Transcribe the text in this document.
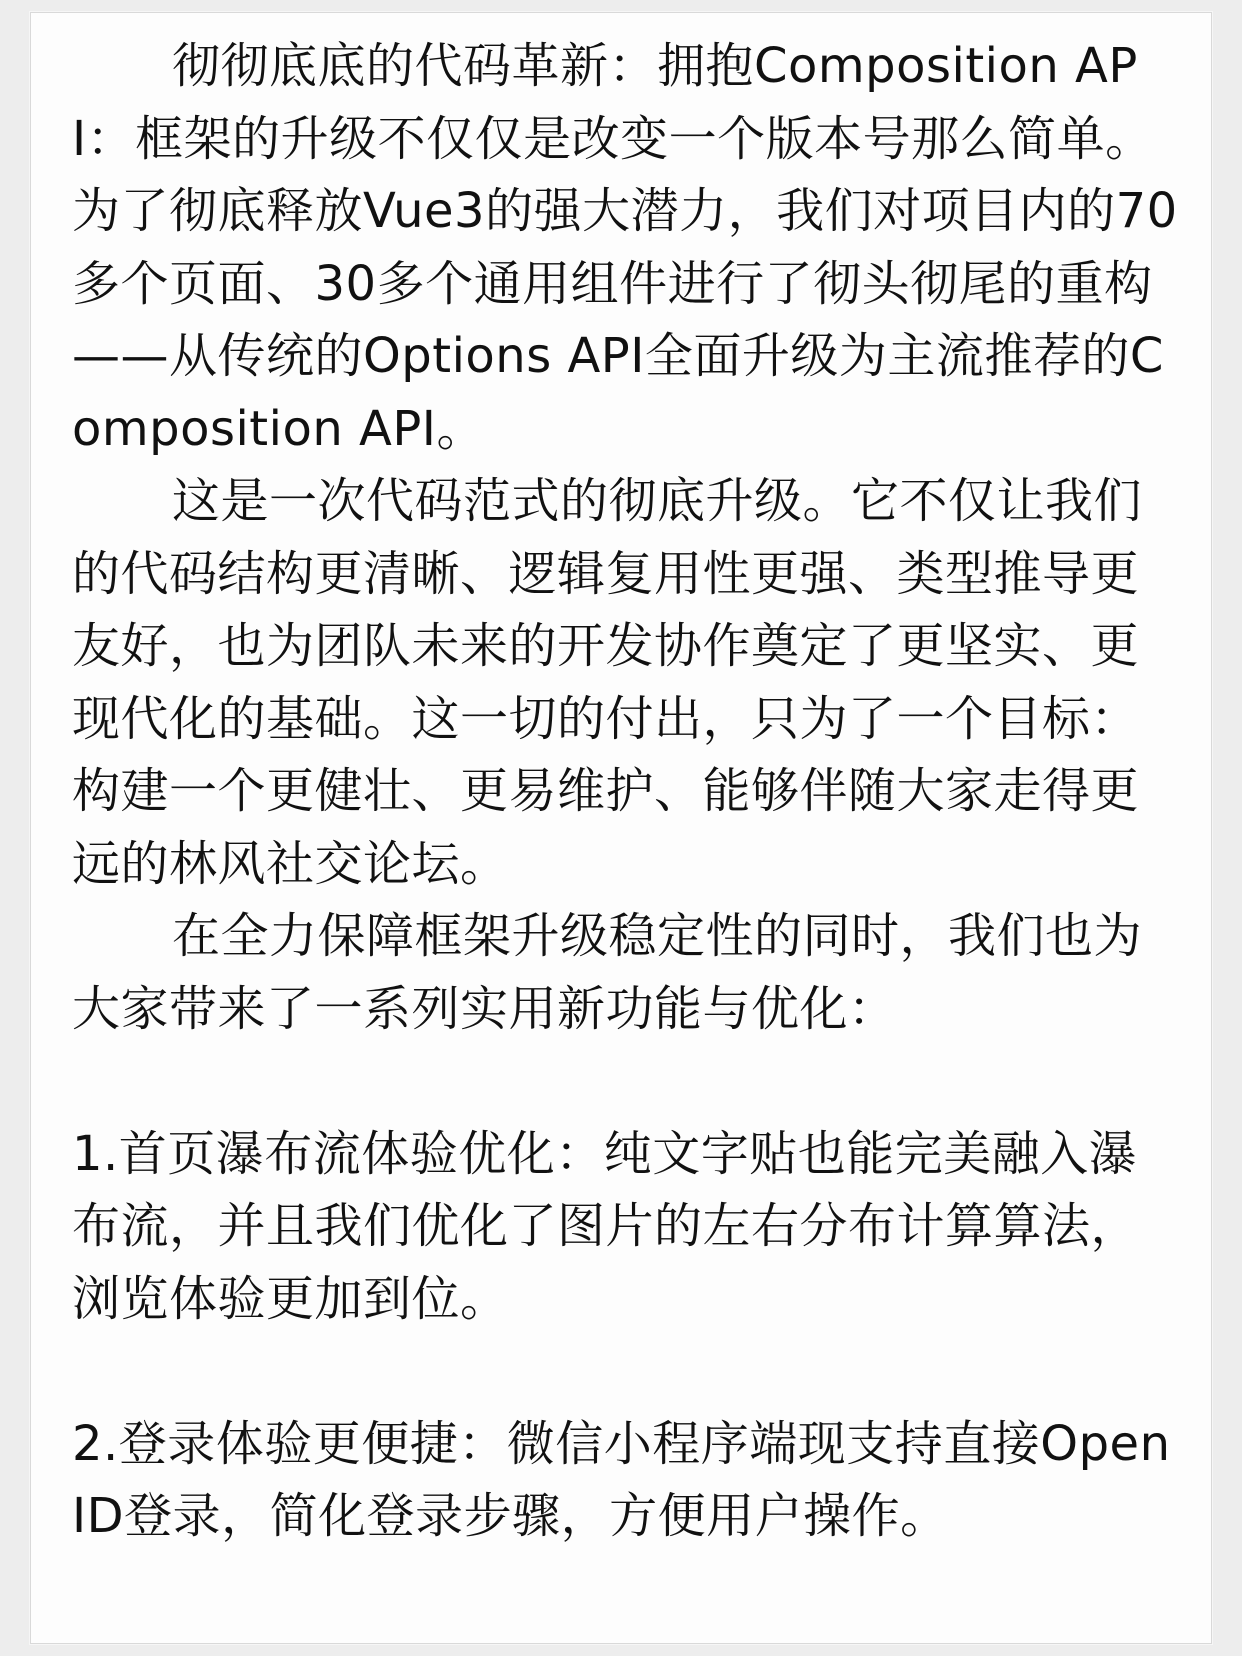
彻彻底底的代码革新：拥抱Composition API：框架的升级不仅仅是改变一个版本号那么简单。为了彻底释放Vue3的强大潜力，我们对项目内的70多个页面、30多个通用组件进行了彻头彻尾的重构——从传统的Options API全面升级为主流推荐的Composition API。

这是一次代码范式的彻底升级。它不仅让我们的代码结构更清晰、逻辑复用性更强、类型推导更友好，也为团队未来的开发协作奠定了更坚实、更现代化的基础。这一切的付出，只为了一个目标：构建一个更健壮、更易维护、能够伴随大家走得更远的林风社交论坛。

在全力保障框架升级稳定性的同时，我们也为大家带来了一系列实用新功能与优化：

1.首页瀑布流体验优化：纯文字贴也能完美融入瀑布流，并且我们优化了图片的左右分布计算算法，浏览体验更加到位。

2.登录体验更便捷：微信小程序端现支持直接OpenID登录，简化登录步骤，方便用户操作。
